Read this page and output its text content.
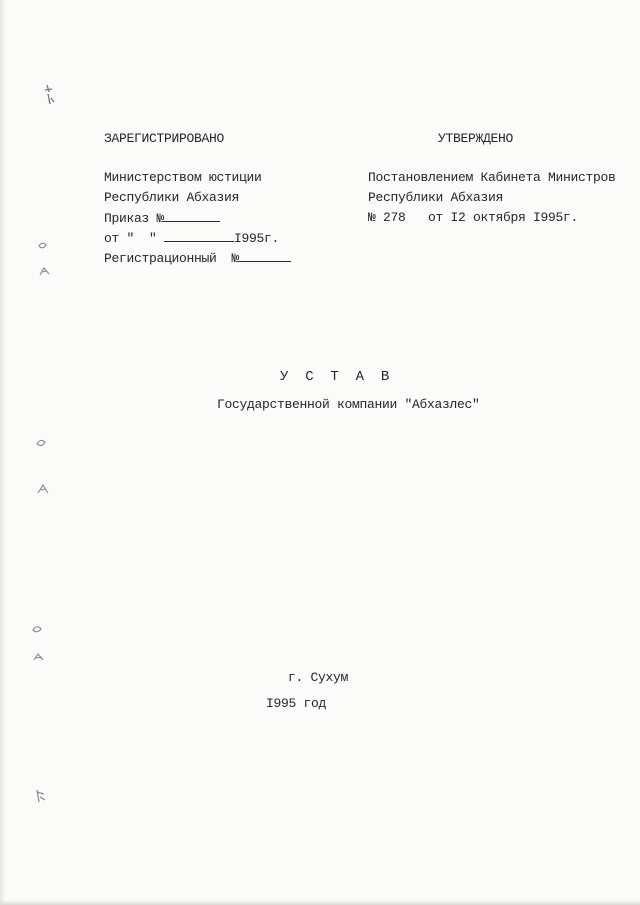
ЗАРЕГИСТРИРОВАНО
Министерством юстиции
Республики Абхазия
Приказ №
от "  "	I995г.
Регистрационный  №
УТВЕРЖДЕНО
Постановлением Кабинета Министров
Республики Абхазия
№ 278   от I2 октября I995г.
У  С  Т  А  В
Государственной компании "Абхазлес"
г. Сухум
I995 год
